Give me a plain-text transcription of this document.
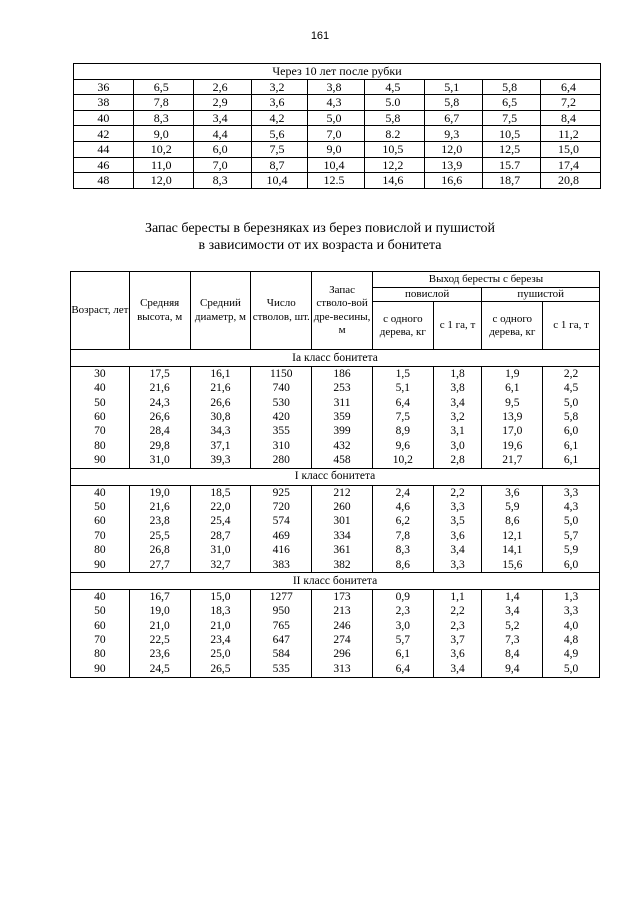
161
Через 10 лет после рубки								
36	6,5	2,6	3,2	3,8	4,5	5,1	5,8	6,4
38	7,8	2,9	3,6	4,3	5.0	5,8	6,5	7,2
40	8,3	3,4	4,2	5,0	5,8	6,7	7,5	8,4
42	9,0	4,4	5,6	7,0	8.2	9,3	10,5	11,2
44	10,2	6,0	7,5	9,0	10,5	12,0	12,5	15,0
46	11,0	7,0	8,7	10,4	12,2	13,9	15.7	17,4
48	12,0	8,3	10,4	12.5	14,6	16,6	18,7	20,8
Запас бересты в березняках из берез повислой и пушистой
в зависимости от их возраста и бонитета
Возраст, лет	Средняя высота, м	Средний диаметр, м	Число стволов, шт.	Запас стволо-вой дре-весины, м	Выход бересты с березы			
					повислой		пушистой	
					с одного дерева, кг	с 1 га, т	с одного дерева, кг	с 1 га, т
Iа класс бонитета								
30	17,5	16,1	1150	186	1,5	1,8	1,9	2,2
40	21,6	21,6	740	253	5,1	3,8	6,1	4,5
50	24,3	26,6	530	311	6,4	3,4	9,5	5,0
60	26,6	30,8	420	359	7,5	3,2	13,9	5,8
70	28,4	34,3	355	399	8,9	3,1	17,0	6,0
80	29,8	37,1	310	432	9,6	3,0	19,6	6,1
90	31,0	39,3	280	458	10,2	2,8	21,7	6,1
I класс бонитета								
40	19,0	18,5	925	212	2,4	2,2	3,6	3,3
50	21,6	22,0	720	260	4,6	3,3	5,9	4,3
60	23,8	25,4	574	301	6,2	3,5	8,6	5,0
70	25,5	28,7	469	334	7,8	3,6	12,1	5,7
80	26,8	31,0	416	361	8,3	3,4	14,1	5,9
90	27,7	32,7	383	382	8,6	3,3	15,6	6,0
II класс бонитета								
40	16,7	15,0	1277	173	0,9	1,1	1,4	1,3
50	19,0	18,3	950	213	2,3	2,2	3,4	3,3
60	21,0	21,0	765	246	3,0	2,3	5,2	4,0
70	22,5	23,4	647	274	5,7	3,7	7,3	4,8
80	23,6	25,0	584	296	6,1	3,6	8,4	4,9
90	24,5	26,5	535	313	6,4	3,4	9,4	5,0
